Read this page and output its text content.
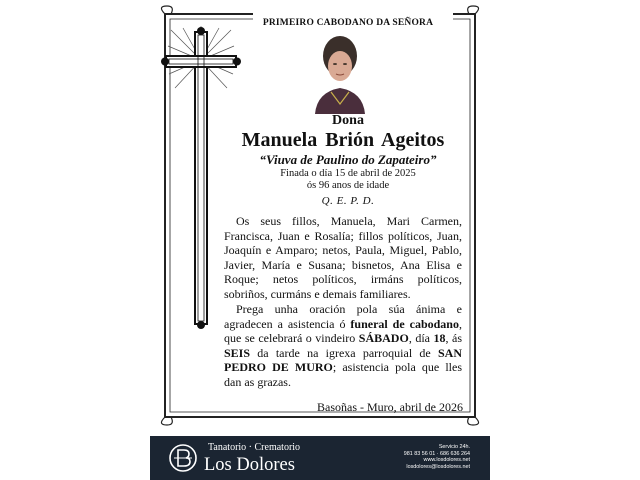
PRIMEIRO CABODANO DA SEÑORA
Dona
Manuela Brión Ageitos
“Viuva de Paulino do Zapateiro”
Finada o día 15 de abril de 2025
ós 96 anos de idade
Q. E. P. D.
Os seus fillos, Manuela, Mari Carmen, Francisca, Juan e Rosalía; fillos políticos, Juan, Joaquín e Amparo; netos, Paula, Miguel, Pablo, Javier, María e Susana; bisnetos, Ana Elisa e Roque; netos políticos, irmáns políticos, sobriños, curmáns e demais familiares.
Prega unha oración pola súa ánima e agradecen a asistencia ó funeral de cabodano, que se celebrará o vindeiro SÁBADO, día 18, ás SEIS da tarde na igrexa parroquial de SAN PEDRO DE MURO; asistencia pola que lles dan as grazas.
Basoñas - Muro, abril de 2026
Tanatorio · Crematorio
Los Dolores
Servicio 24h.
981 83 56 01 · 686 636 264
www.losdolores.net
losdolores@losdolores.net
